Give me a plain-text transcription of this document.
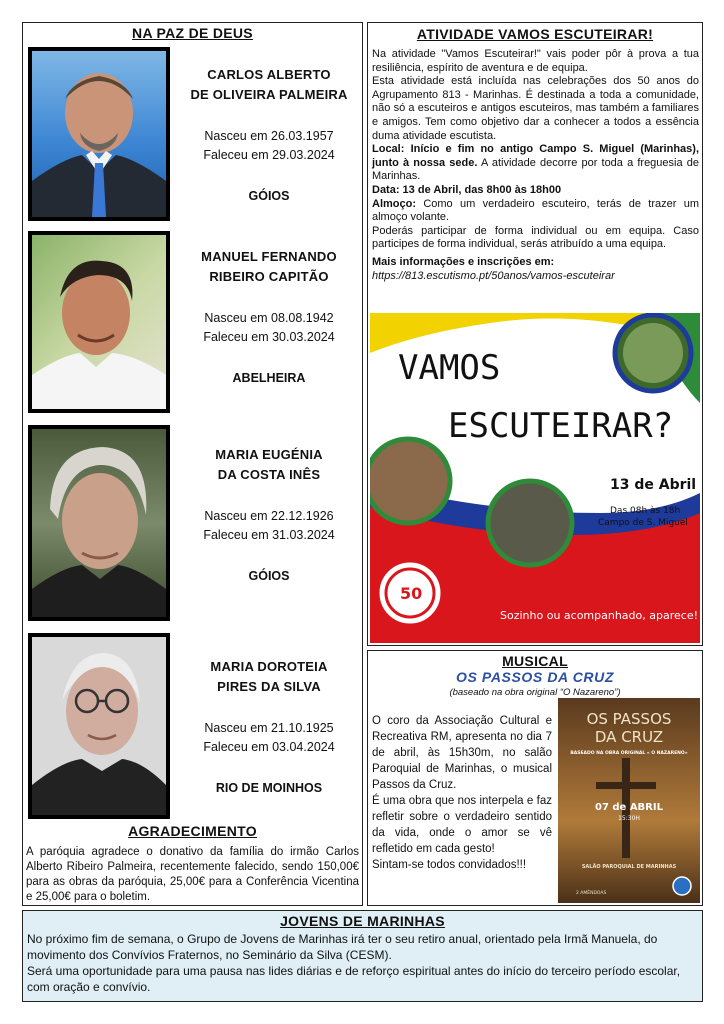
NA PAZ DE DEUS
CARLOS ALBERTO
DE OLIVEIRA PALMEIRA
Nasceu em 26.03.1957
Faleceu em 29.03.2024
GÓIOS
MANUEL FERNANDO
RIBEIRO CAPITÃO
Nasceu em 08.08.1942
Faleceu em 30.03.2024
ABELHEIRA
MARIA EUGÉNIA
DA COSTA INÊS
Nasceu em 22.12.1926
Faleceu em 31.03.2024
GÓIOS
MARIA DOROTEIA
PIRES DA SILVA
Nasceu em 21.10.1925
Faleceu em 03.04.2024
RIO DE MOINHOS
AGRADECIMENTO
A paróquia agradece o donativo da família do irmão Carlos Alberto Ribeiro Palmeira, recentemente falecido, sendo 150,00€ para as obras da paróquia, 25,00€ para a Conferência Vicentina e 25,00€ para o boletim.
ATIVIDADE VAMOS ESCUTEIRAR!

Na atividade "Vamos Escuteirar!" vais poder pôr à prova a tua resiliência, espírito de aventura e de equipa.

Esta atividade está incluída nas celebrações dos 50 anos do Agrupamento 813 - Marinhas. É destinada a toda a comunidade, não só a escuteiros e antigos escuteiros, mas também a familiares e amigos. Tem como objetivo dar a conhecer a todos a essência duma atividade escutista.

Local: Início e fim no antigo Campo S. Miguel (Marinhas), junto à nossa sede. A atividade decorre por toda a freguesia de Marinhas.

Data: 13 de Abril, das 8h00 às 18h00

Almoço: Como um verdadeiro escuteiro, terás de trazer um almoço volante.

Poderás participar de forma individual ou em equipa. Caso participes de forma individual, serás atribuído a uma equipa.

Mais informações e inscrições em:

https://813.escutismo.pt/50anos/vamos-escuteirar

VAMOS
ESCUTEIRAR?
13 de Abril
Das 08h às 18h
Campo de S. Miguel
Sozinho ou acompanhado, aparece!
50
MUSICAL
OS PASSOS DA CRUZ
(baseado na obra original “O Nazareno”)

O coro da Associação Cultural e Recreativa RM, apresenta no dia 7 de abril, às 15h30m, no salão Paroquial de Marinhas, o musical Passos da Cruz.

É uma obra que nos interpela e faz refletir sobre o verdadeiro sentido da vida, onde o amor se vê refletido em cada gesto!

Sintam-se todos convidados!!!

OS PASSOS
DA CRUZ
BASEADO NA OBRA ORIGINAL « O NAZARENO»
07 de ABRIL
15:30H
SALÃO PAROQUIAL DE MARINHAS
2 AMÊNDOAS
JOVENS DE MARINHAS

No próximo fim de semana, o Grupo de Jovens de Marinhas irá ter o seu retiro anual, orientado pela Irmã Manuela, do movimento dos Convívios Fraternos, no Seminário da Silva (CESM).

Será uma oportunidade para uma pausa nas lides diárias e de reforço espiritual antes do início do terceiro período escolar, com oração e convívio.
